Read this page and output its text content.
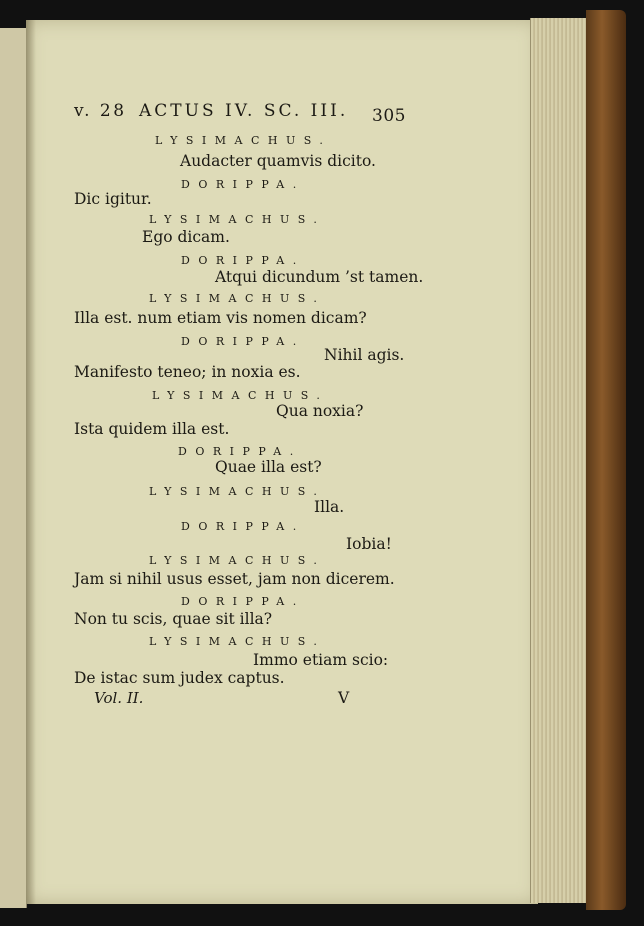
v. 28 ACTUS IV. SC. III. 305
LYSIMACHUS.
Audacter quamvis dicito.
DORIPPA.
Dic igitur.
LYSIMACHUS.
Ego dicam.
DORIPPA.
Atqui dicundum ’st tamen.
LYSIMACHUS.
Illa est. num etiam vis nomen dicam?
DORIPPA.
Nihil agis.
Manifesto teneo; in noxia es.
LYSIMACHUS.
Qua noxia?
Ista quidem illa est.
DORIPPA.
Quae illa est?
LYSIMACHUS.
Illa.
DORIPPA.
Iobia!
LYSIMACHUS.
Jam si nihil usus esset, jam non dicerem.
DORIPPA.
Non tu scis, quae sit illa?
LYSIMACHUS.
Immo etiam scio:
De istac sum judex captus.
Vol. II.	V
